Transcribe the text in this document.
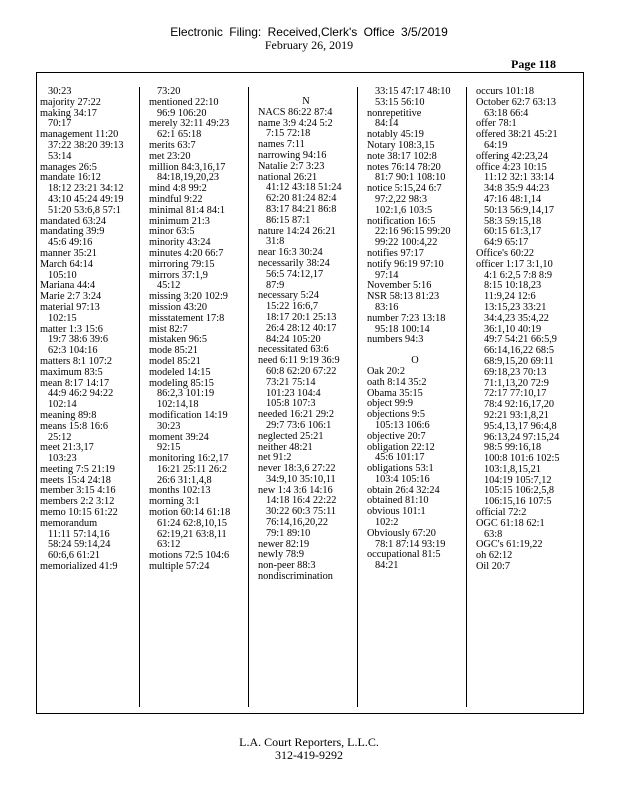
Electronic Filing: Received,Clerk's Office 3/5/2019
February 26, 2019
Page 118
30:23
majority 27:22
making 34:17
70:17
management 11:20
37:22 38:20 39:13
53:14
manages 26:5
mandate 16:12
18:12 23:21 34:12
43:10 45:24 49:19
51:20 53:6,8 57:1
mandated 63:24
mandating 39:9
45:6 49:16
manner 35:21
March 64:14
105:10
Mariana 44:4
Marie 2:7 3:24
material 97:13
102:15
matter 1:3 15:6
19:7 38:6 39:6
62:3 104:16
matters 8:1 107:2
maximum 83:5
mean 8:17 14:17
44:9 46:2 94:22
102:14
meaning 89:8
means 15:8 16:6
25:12
meet 21:3,17
103:23
meeting 7:5 21:19
meets 15:4 24:18
member 3:15 4:16
members 2:2 3:12
memo 10:15 61:22
memorandum
11:11 57:14,16
58:24 59:14,24
60:6,6 61:21
memorialized 41:9
73:20
mentioned 22:10
96:9 106:20
merely 32:11 49:23
62:1 65:18
merits 63:7
met 23:20
million 84:3,16,17
84:18,19,20,23
mind 4:8 99:2
mindful 9:22
minimal 81:4 84:1
minimum 21:3
minor 63:5
minority 43:24
minutes 4:20 66:7
mirroring 79:15
mirrors 37:1,9
45:12
missing 3:20 102:9
mission 43:20
misstatement 17:8
mist 82:7
mistaken 96:5
mode 85:21
model 85:21
modeled 14:15
modeling 85:15
86:2,3 101:19
102:14,18
modification 14:19
30:23
moment 39:24
92:15
monitoring 16:2,17
16:21 25:11 26:2
26:6 31:1,4,8
months 102:13
morning 3:1
motion 60:14 61:18
61:24 62:8,10,15
62:19,21 63:8,11
63:12
motions 72:5 104:6
multiple 57:24
N
NACS 86:22 87:4
name 3:9 4:24 5:2
7:15 72:18
names 7:11
narrowing 94:16
Natalie 2:7 3:23
national 26:21
41:12 43:18 51:24
62:20 81:24 82:4
83:17 84:21 86:8
86:15 87:1
nature 14:24 26:21
31:8
near 16:3 30:24
necessarily 38:24
56:5 74:12,17
87:9
necessary 5:24
15:22 16:6,7
18:17 20:1 25:13
26:4 28:12 40:17
84:24 105:20
necessitated 63:6
need 6:11 9:19 36:9
60:8 62:20 67:22
73:21 75:14
101:23 104:4
105:8 107:3
needed 16:21 29:2
29:7 73:6 106:1
neglected 25:21
neither 48:21
net 91:2
never 18:3,6 27:22
34:9,10 35:10,11
new 1:4 3:6 14:16
14:18 16:4 22:22
30:22 60:3 75:11
76:14,16,20,22
79:1 89:10
newer 82:19
newly 78:9
non-peer 88:3
nondiscrimination
33:15 47:17 48:10
53:15 56:10
nonrepetitive
84:14
notably 45:19
Notary 108:3,15
note 38:17 102:8
notes 76:14 78:20
81:7 90:1 108:10
notice 5:15,24 6:7
97:2,22 98:3
102:1,6 103:5
notification 16:5
22:16 96:15 99:20
99:22 100:4,22
notifies 97:17
notify 96:19 97:10
97:14
November 5:16
NSR 58:13 81:23
83:16
number 7:23 13:18
95:18 100:14
numbers 94:3
O
Oak 20:2
oath 8:14 35:2
Obama 35:15
object 99:9
objections 9:5
105:13 106:6
objective 20:7
obligation 22:12
45:6 101:17
obligations 53:1
103:4 105:16
obtain 26:4 32:24
obtained 81:10
obvious 101:1
102:2
Obviously 67:20
78:1 87:14 93:19
occupational 81:5
84:21
occurs 101:18
October 62:7 63:13
63:18 66:4
offer 78:1
offered 38:21 45:21
64:19
offering 42:23,24
office 4:23 10:15
11:12 32:1 33:14
34:8 35:9 44:23
47:16 48:1,14
50:13 56:9,14,17
58:3 59:15,18
60:15 61:3,17
64:9 65:17
Office's 60:22
officer 1:17 3:1,10
4:1 6:2,5 7:8 8:9
8:15 10:18,23
11:9,24 12:6
13:15,23 33:21
34:4,23 35:4,22
36:1,10 40:19
49:7 54:21 66:5,9
66:14,16,22 68:5
68:9,15,20 69:11
69:18,23 70:13
71:1,13,20 72:9
72:17 77:10,17
78:4 92:16,17,20
92:21 93:1,8,21
95:4,13,17 96:4,8
96:13,24 97:15,24
98:5 99:16,18
100:8 101:6 102:5
103:1,8,15,21
104:19 105:7,12
105:15 106:2,5,8
106:15,16 107:5
official 72:2
OGC 61:18 62:1
63:8
OGC's 61:19,22
oh 62:12
Oil 20:7
L.A. Court Reporters, L.L.C.
312-419-9292
